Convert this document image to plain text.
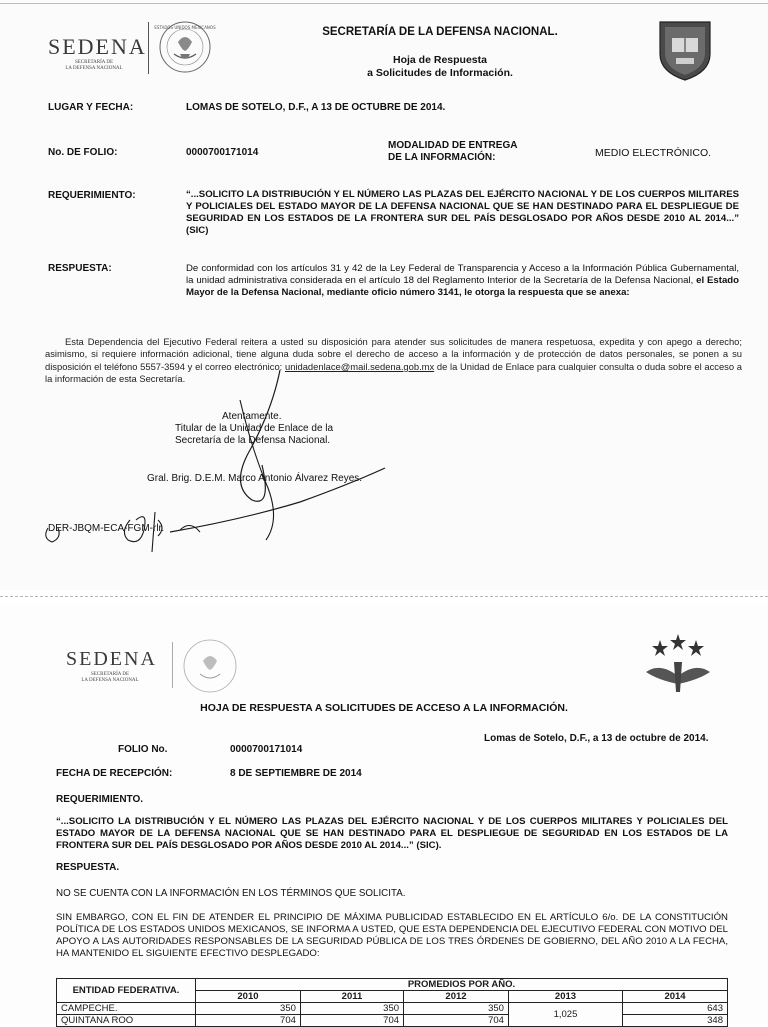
SEDENA
SECRETARÍA DE
LA DEFENSA NACIONAL
ESTADOS UNIDOS MEXICANOS	SECRETARÍA DE LA DEFENSA NACIONAL.
Hoja de Respuesta
a Solicitudes de Información.
LUGAR Y FECHA:	LOMAS DE SOTELO, D.F., A 13 DE OCTUBRE DE 2014.
No. DE FOLIO:	0000700171014
MODALIDAD DE ENTREGA
DE LA INFORMACIÓN:	MEDIO ELECTRÓNICO.
REQUERIMIENTO:	“...SOLICITO LA DISTRIBUCIÓN Y EL NÚMERO LAS PLAZAS DEL EJÉRCITO NACIONAL Y DE LOS CUERPOS MILITARES Y POLICIALES DEL ESTADO MAYOR DE LA DEFENSA NACIONAL QUE SE HAN DESTINADO PARA EL DESPLIEGUE DE SEGURIDAD EN LOS ESTADOS DE LA FRONTERA SUR DEL PAÍS DESGLOSADO POR AÑOS DESDE 2010 AL 2014...” (SIC)
RESPUESTA:	De conformidad con los artículos 31 y 42 de la Ley Federal de Transparencia y Acceso a la Información Pública Gubernamental, la unidad administrativa considerada en el artículo 18 del Reglamento Interior de la Secretaría de la Defensa Nacional, el Estado Mayor de la Defensa Nacional, mediante oficio número 3141, le otorga la respuesta que se anexa:
Esta Dependencia del Ejecutivo Federal reitera a usted su disposición para atender sus solicitudes de manera respetuosa, expedita y con apego a derecho; asimismo, si requiere información adicional, tiene alguna duda sobre el derecho de acceso a la información y de protección de datos personales, se ponen a su disposición el teléfono 5557-3594 y el correo electrónico: unidadenlace@mail.sedena.gob.mx de la Unidad de Enlace para cualquier consulta o duda sobre el acceso a la información de esta Secretaría.
Atentamente.
Titular de la Unidad de Enlace de la
Secretaría de la Defensa Nacional.
Gral. Brig. D.E.M. Marco Antonio Álvarez Reyes.
DER-JBQM-ECA-FGM-rlr.
SEDENA
SECRETARÍA DE
LA DEFENSA NACIONAL
HOJA DE RESPUESTA A SOLICITUDES DE ACCESO A LA INFORMACIÓN.
Lomas de Sotelo, D.F., a 13 de octubre de 2014.
FOLIO No.	0000700171014
FECHA DE RECEPCIÓN:	8 DE SEPTIEMBRE DE 2014
REQUERIMIENTO.
“...SOLICITO LA DISTRIBUCIÓN Y EL NÚMERO LAS PLAZAS DEL EJÉRCITO NACIONAL Y DE LOS CUERPOS MILITARES Y POLICIALES DEL ESTADO MAYOR DE LA DEFENSA NACIONAL QUE SE HAN DESTINADO PARA EL DESPLIEGUE DE SEGURIDAD EN LOS ESTADOS DE LA FRONTERA SUR DEL PAÍS DESGLOSADO POR AÑOS DESDE 2010 AL 2014...” (SIC).
RESPUESTA.
NO SE CUENTA CON LA INFORMACIÓN EN LOS TÉRMINOS QUE SOLICITA.
SIN EMBARGO, CON EL FIN DE ATENDER EL PRINCIPIO DE MÁXIMA PUBLICIDAD ESTABLECIDO EN EL ARTÍCULO 6/o. DE LA CONSTITUCIÓN POLÍTICA DE LOS ESTADOS UNIDOS MEXICANOS, SE INFORMA A USTED, QUE ESTA DEPENDENCIA DEL EJECUTIVO FEDERAL CON MOTIVO DEL APOYO A LAS AUTORIDADES RESPONSABLES DE LA SEGURIDAD PÚBLICA DE LOS TRES ÓRDENES DE GOBIERNO, DEL AÑO 2010 A LA FECHA, HA MANTENIDO EL SIGUIENTE EFECTIVO DESPLEGADO:
ENTIDAD FEDERATIVA.	PROMEDIOS POR AÑO.				
	2010	2011	2012	2013	2014
CAMPECHE.	350	350	350	1,025	643
QUINTANA ROO	704	704	704		348
